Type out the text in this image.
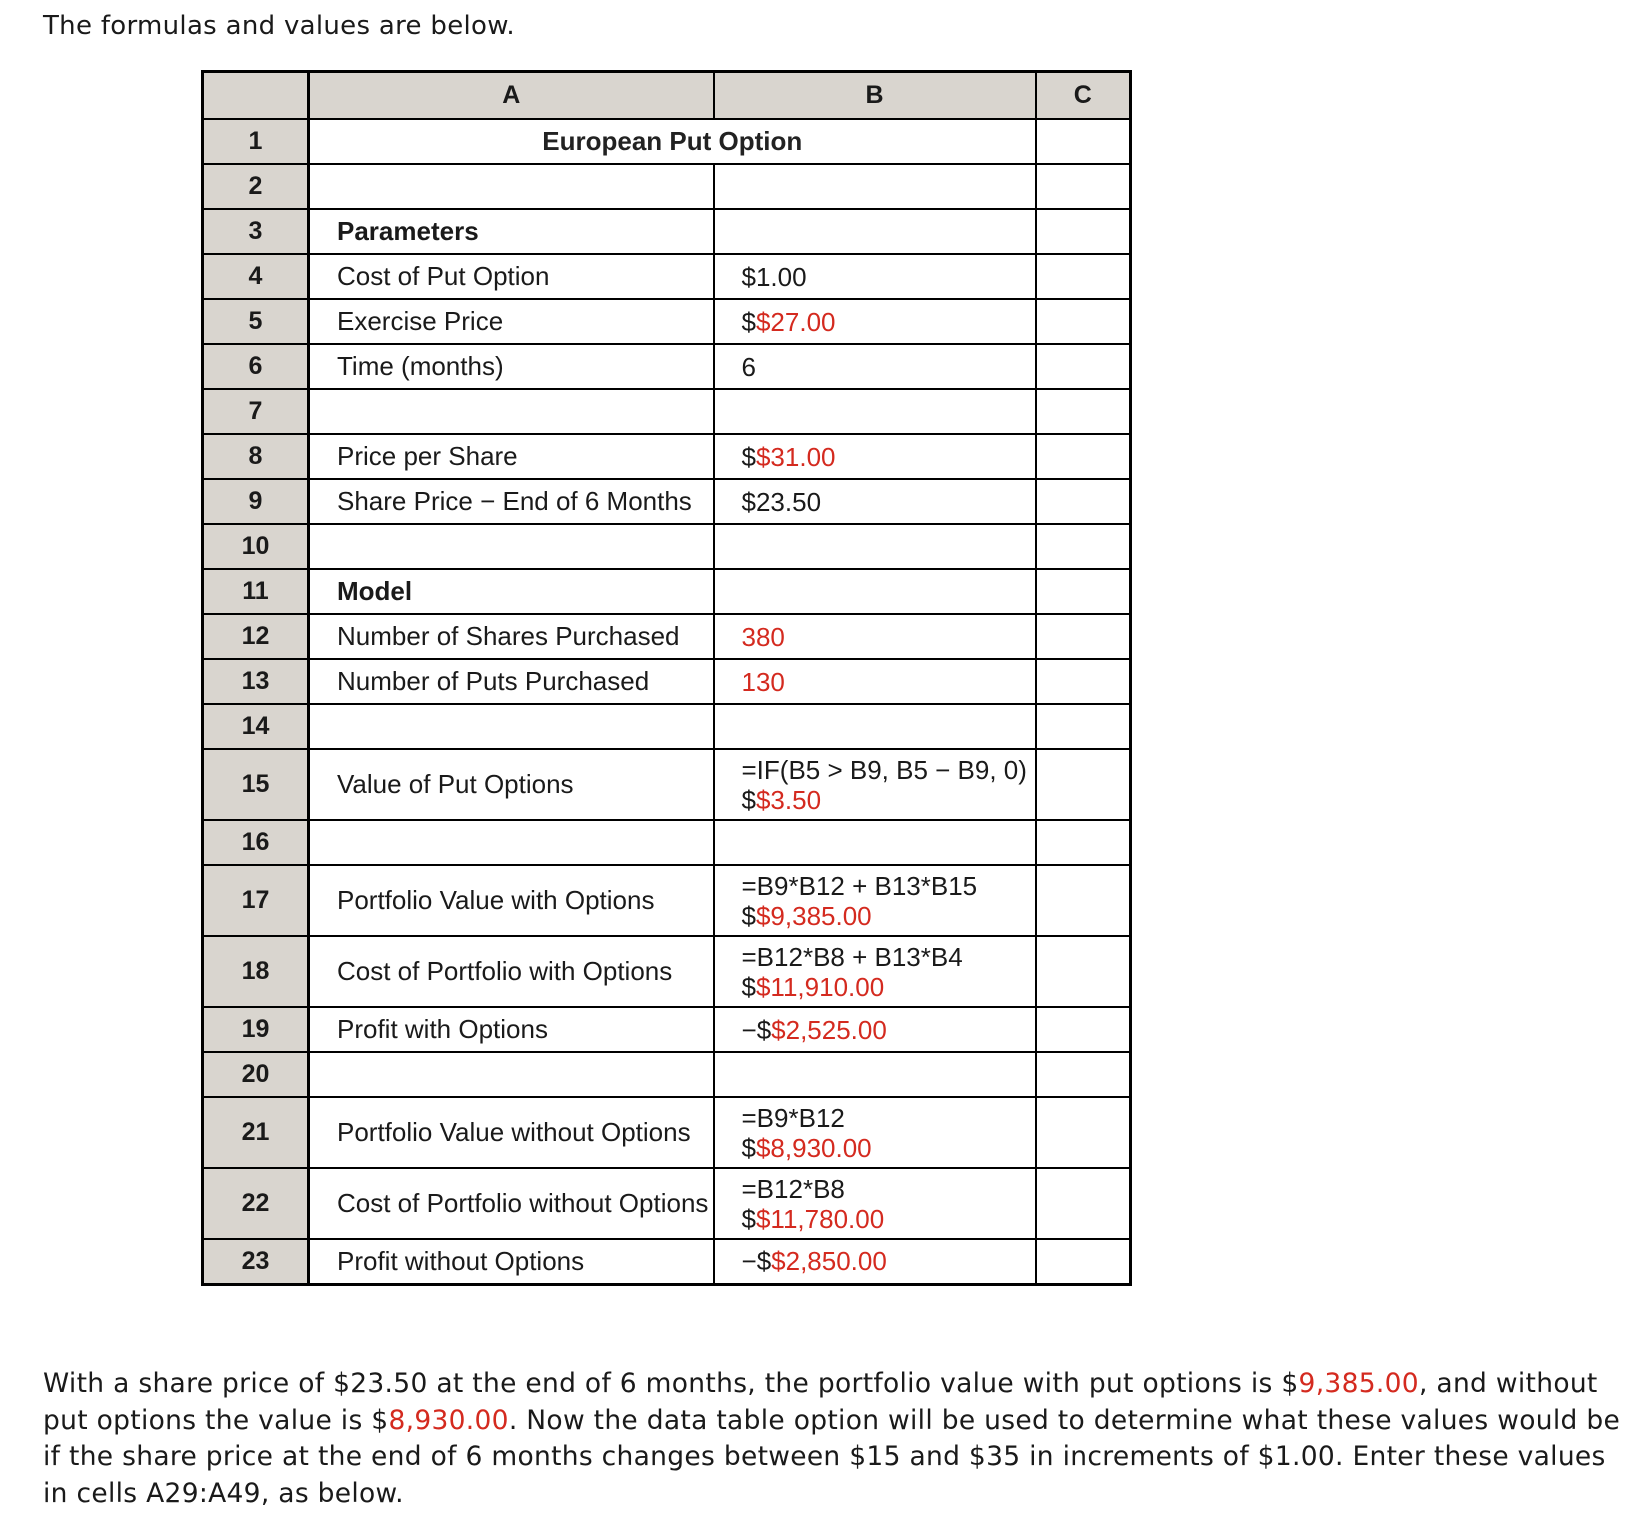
The formulas and values are below.
	A	B	C
1	European Put Option		
2			
3	Parameters		
4	Cost of Put Option	$1.00	
5	Exercise Price	$$27.00	
6	Time (months)	6	
7			
8	Price per Share	$$31.00	
9	Share Price − End of 6 Months	$23.50	
10			
11	Model		
12	Number of Shares Purchased	380	
13	Number of Puts Purchased	130	
14			
15	Value of Put Options	=IF(B5 > B9, B5 − B9, 0)
$$3.50	

16			
17	Portfolio Value with Options	=B9*B12 + B13*B15
$$9,385.00	

18	Cost of Portfolio with Options	=B12*B8 + B13*B4
$$11,910.00	

19	Profit with Options	−$$2,525.00	
20			
21	Portfolio Value without Options	=B9*B12
$$8,930.00	

22	Cost of Portfolio without Options	=B12*B8
$$11,780.00	

23	Profit without Options	−$$2,850.00	
With a share price of $23.50 at the end of 6 months, the portfolio value with put options is $9,385.00, and without put options the value is $8,930.00. Now the data table option will be used to determine what these values would be if the share price at the end of 6 months changes between $15 and $35 in increments of $1.00. Enter these values in cells A29:A49, as below.
